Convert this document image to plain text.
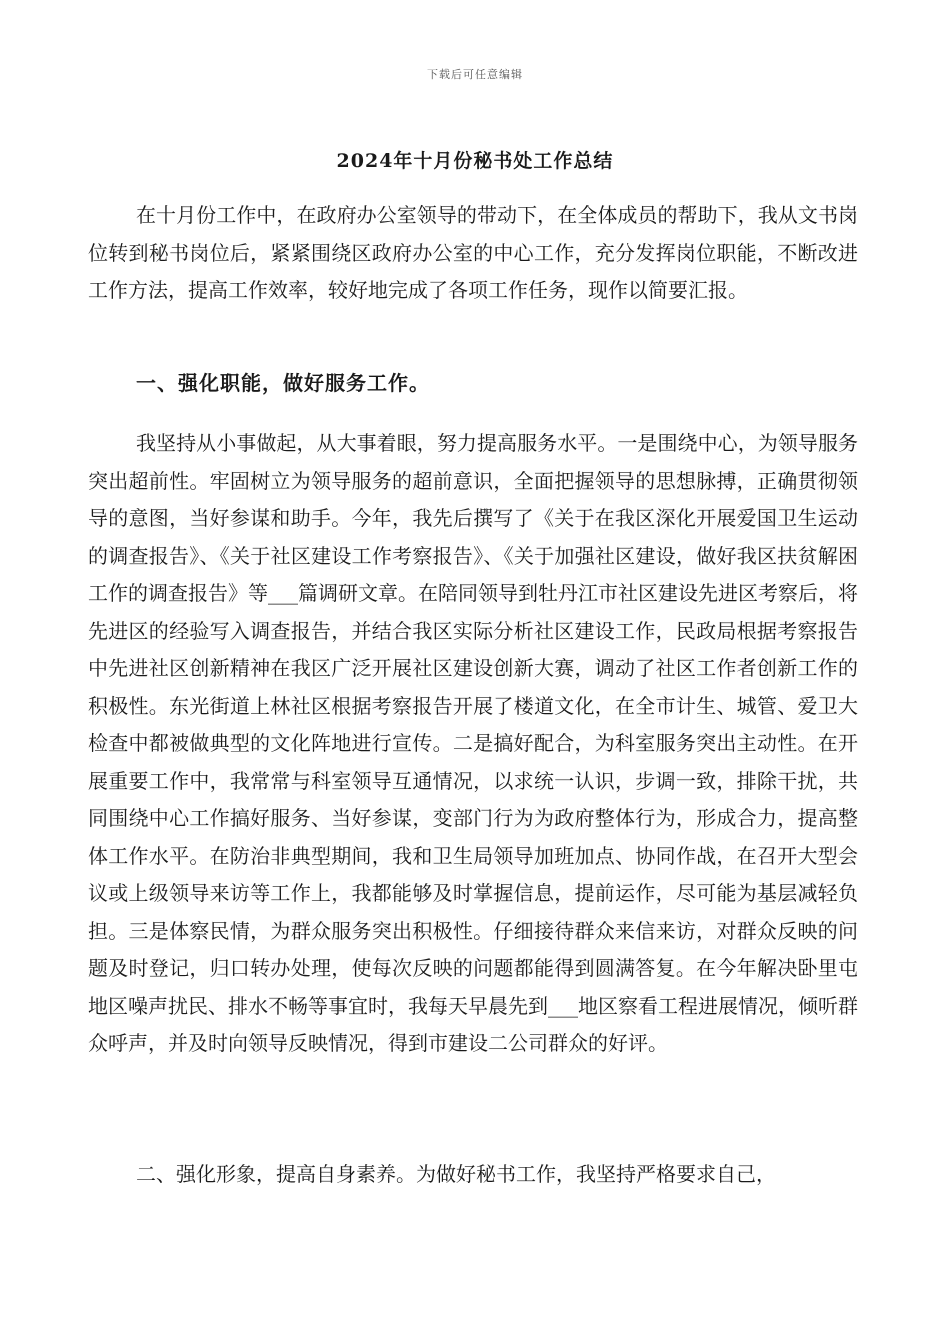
下载后可任意编辑
2024年十月份秘书处工作总结

在十月份工作中，在政府办公室领导的带动下，在全体成员的帮助下，我从文书岗位转到秘书岗位后，紧紧围绕区政府办公室的中心工作，充分发挥岗位职能，不断改进工作方法，提高工作效率，较好地完成了各项工作任务，现作以简要汇报。

一、强化职能，做好服务工作。

我坚持从小事做起，从大事着眼，努力提高服务水平。一是围绕中心，为领导服务突出超前性。牢固树立为领导服务的超前意识，全面把握领导的思想脉搏，正确贯彻领导的意图，当好参谋和助手。今年，我先后撰写了《关于在我区深化开展爱国卫生运动的调查报告》、《关于社区建设工作考察报告》、《关于加强社区建设，做好我区扶贫解困工作的调查报告》等___篇调研文章。在陪同领导到牡丹江市社区建设先进区考察后，将先进区的经验写入调查报告，并结合我区实际分析社区建设工作，民政局根据考察报告中先进社区创新精神在我区广泛开展社区建设创新大赛，调动了社区工作者创新工作的积极性。东光街道上林社区根据考察报告开展了楼道文化，在全市计生、城管、爱卫大检查中都被做典型的文化阵地进行宣传。二是搞好配合，为科室服务突出主动性。在开展重要工作中，我常常与科室领导互通情况，以求统一认识，步调一致，排除干扰，共同围绕中心工作搞好服务、当好参谋，变部门行为为政府整体行为，形成合力，提高整体工作水平。在防治非典型期间，我和卫生局领导加班加点、协同作战，在召开大型会议或上级领导来访等工作上，我都能够及时掌握信息，提前运作，尽可能为基层减轻负担。三是体察民情，为群众服务突出积极性。仔细接待群众来信来访，对群众反映的问题及时登记，归口转办处理，使每次反映的问题都能得到圆满答复。在今年解决卧里屯地区噪声扰民、排水不畅等事宜时，我每天早晨先到___地区察看工程进展情况，倾听群众呼声，并及时向领导反映情况，得到市建设二公司群众的好评。

二、强化形象，提高自身素养。为做好秘书工作，我坚持严格要求自己，
